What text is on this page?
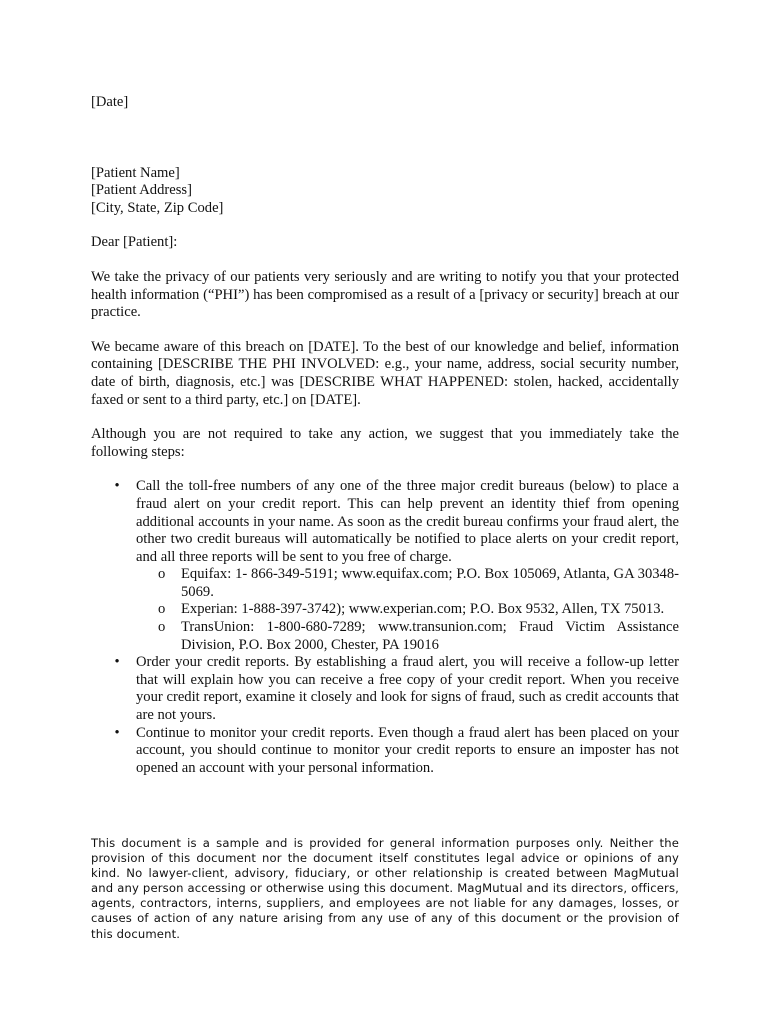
[Date]
[Patient Name]
[Patient Address]
[City, State, Zip Code]
Dear [Patient]:

We take the privacy of our patients very seriously and are writing to notify you that your protected health information (“PHI”) has been compromised as a result of a [privacy or security] breach at our practice.

We became aware of this breach on [DATE]. To the best of our knowledge and belief, information containing [DESCRIBE THE PHI INVOLVED: e.g., your name, address, social security number, date of birth, diagnosis, etc.] was [DESCRIBE WHAT HAPPENED: stolen, hacked, accidentally faxed or sent to a third party, etc.] on [DATE].

Although you are not required to take any action, we suggest that you immediately take the following steps:

• Call the toll-free numbers of any one of the three major credit bureaus (below) to place a fraud alert on your credit report. This can help prevent an identity thief from opening additional accounts in your name. As soon as the credit bureau confirms your fraud alert, the other two credit bureaus will automatically be notified to place alerts on your credit report, and all three reports will be sent to you free of charge.
o Equifax: 1- 866-349-5191; www.equifax.com; P.O. Box 105069, Atlanta, GA 30348-5069.
o Experian: 1-888-397-3742); www.experian.com; P.O. Box 9532, Allen, TX 75013.
o TransUnion: 1-800-680-7289; www.transunion.com; Fraud Victim Assistance Division, P.O. Box 2000, Chester, PA 19016
• Order your credit reports. By establishing a fraud alert, you will receive a follow-up letter that will explain how you can receive a free copy of your credit report. When you receive your credit report, examine it closely and look for signs of fraud, such as credit accounts that are not yours.
• Continue to monitor your credit reports. Even though a fraud alert has been placed on your account, you should continue to monitor your credit reports to ensure an imposter has not opened an account with your personal information.

This document is a sample and is provided for general information purposes only. Neither the provision of this document nor the document itself constitutes legal advice or opinions of any kind. No lawyer-client, advisory, fiduciary, or other relationship is created between MagMutual and any person accessing or otherwise using this document. MagMutual and its directors, officers, agents, contractors, interns, suppliers, and employees are not liable for any damages, losses, or causes of action of any nature arising from any use of any of this document or the provision of this document.
